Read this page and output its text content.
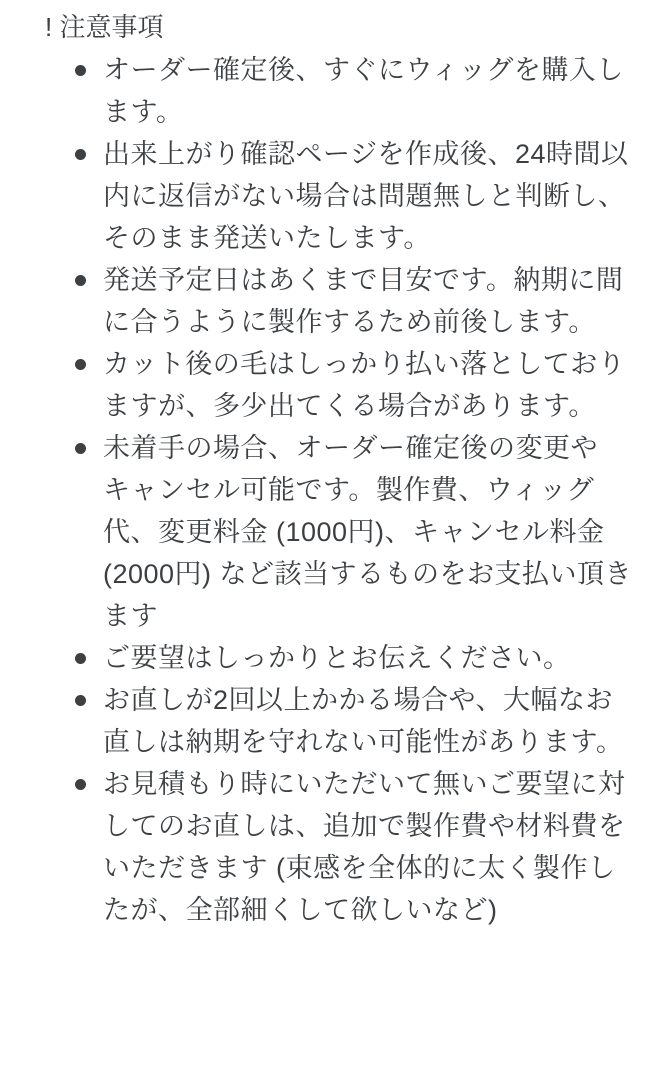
! 注意事項
オーダー確定後、すぐにウィッグを購入します。
出来上がり確認ページを作成後、24時間以内に返信がない場合は問題無しと判断し、そのまま発送いたします。
発送予定日はあくまで目安です。納期に間に合うように製作するため前後します。
カット後の毛はしっかり払い落としておりますが、多少出てくる場合があります。
未着手の場合、オーダー確定後の変更やキャンセル可能です。製作費、ウィッグ代、変更料金 (1000円)、キャンセル料金 (2000円) など該当するものをお支払い頂きます
ご要望はしっかりとお伝えください。
お直しが2回以上かかる場合や、大幅なお直しは納期を守れない可能性があります。
お見積もり時にいただいて無いご要望に対してのお直しは、追加で製作費や材料費をいただきます (束感を全体的に太く製作したが、全部細くして欲しいなど)
